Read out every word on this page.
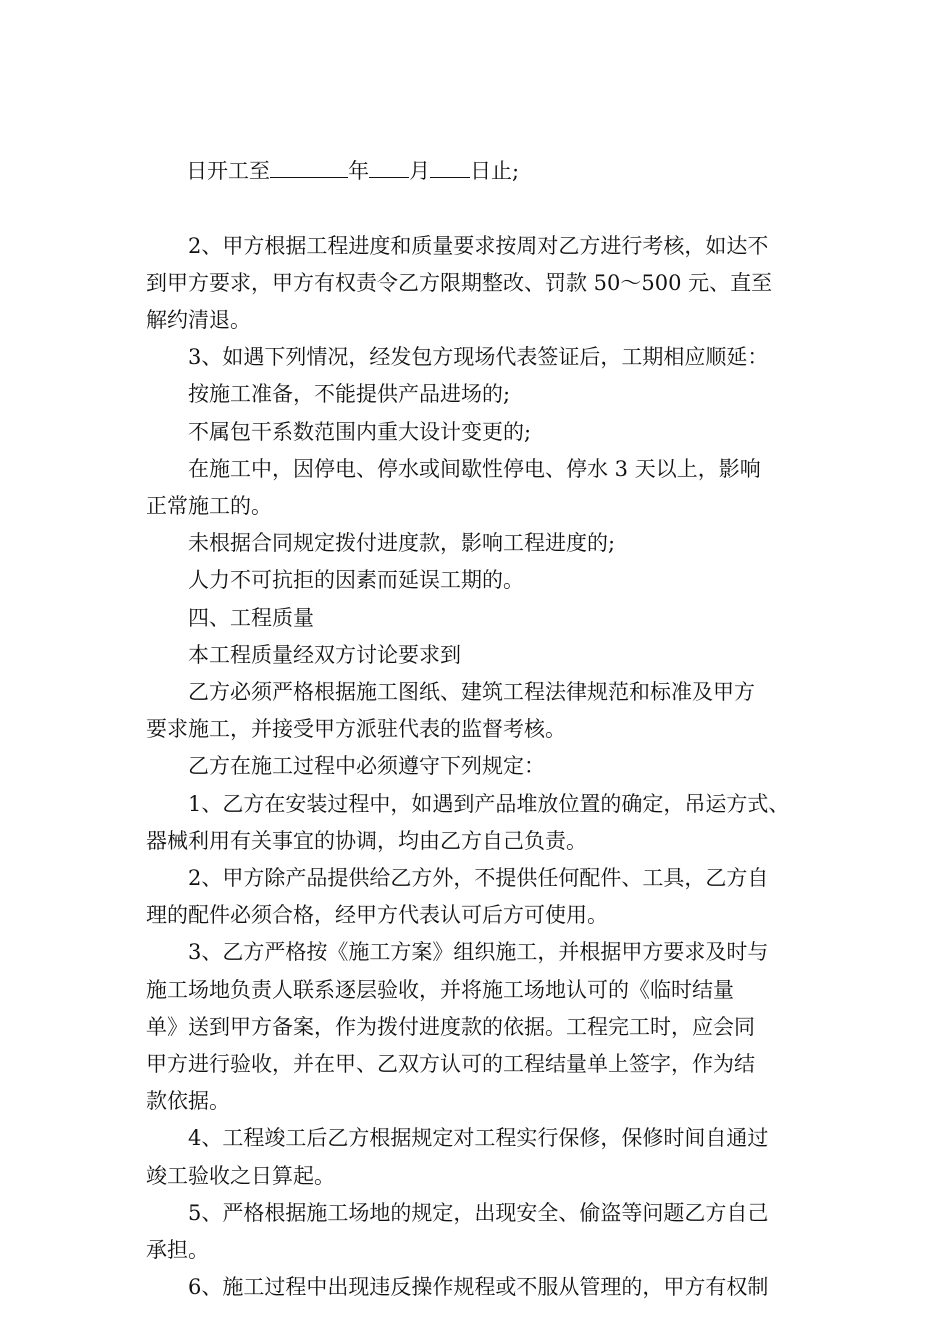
日开工至	年 月 日止;

2、甲方根据工程进度和质量要求按周对乙方进行考核，如达不
到甲方要求，甲方有权责令乙方限期整改、罚款 50～500 元、直至
解约清退。

3、如遇下列情况，经发包方现场代表签证后，工期相应顺延：

按施工准备，不能提供产品进场的;

不属包干系数范围内重大设计变更的;

在施工中，因停电、停水或间歇性停电、停水 3 天以上，影响
正常施工的。

未根据合同规定拨付进度款，影响工程进度的;

人力不可抗拒的因素而延误工期的。

四、工程质量

本工程质量经双方讨论要求到

乙方必须严格根据施工图纸、建筑工程法律规范和标准及甲方
要求施工，并接受甲方派驻代表的监督考核。

乙方在施工过程中必须遵守下列规定：

1、乙方在安装过程中，如遇到产品堆放位置的确定，吊运方式、
器械利用有关事宜的协调，均由乙方自己负责。

2、甲方除产品提供给乙方外，不提供任何配件、工具，乙方自
理的配件必须合格，经甲方代表认可后方可使用。

3、乙方严格按《施工方案》组织施工，并根据甲方要求及时与
施工场地负责人联系逐层验收，并将施工场地认可的《临时结量
单》送到甲方备案，作为拨付进度款的依据。工程完工时，应会同
甲方进行验收，并在甲、乙双方认可的工程结量单上签字，作为结
款依据。

4、工程竣工后乙方根据规定对工程实行保修，保修时间自通过
竣工验收之日算起。

5、严格根据施工场地的规定，出现安全、偷盗等问题乙方自己
承担。

6、施工过程中出现违反操作规程或不服从管理的，甲方有权制
